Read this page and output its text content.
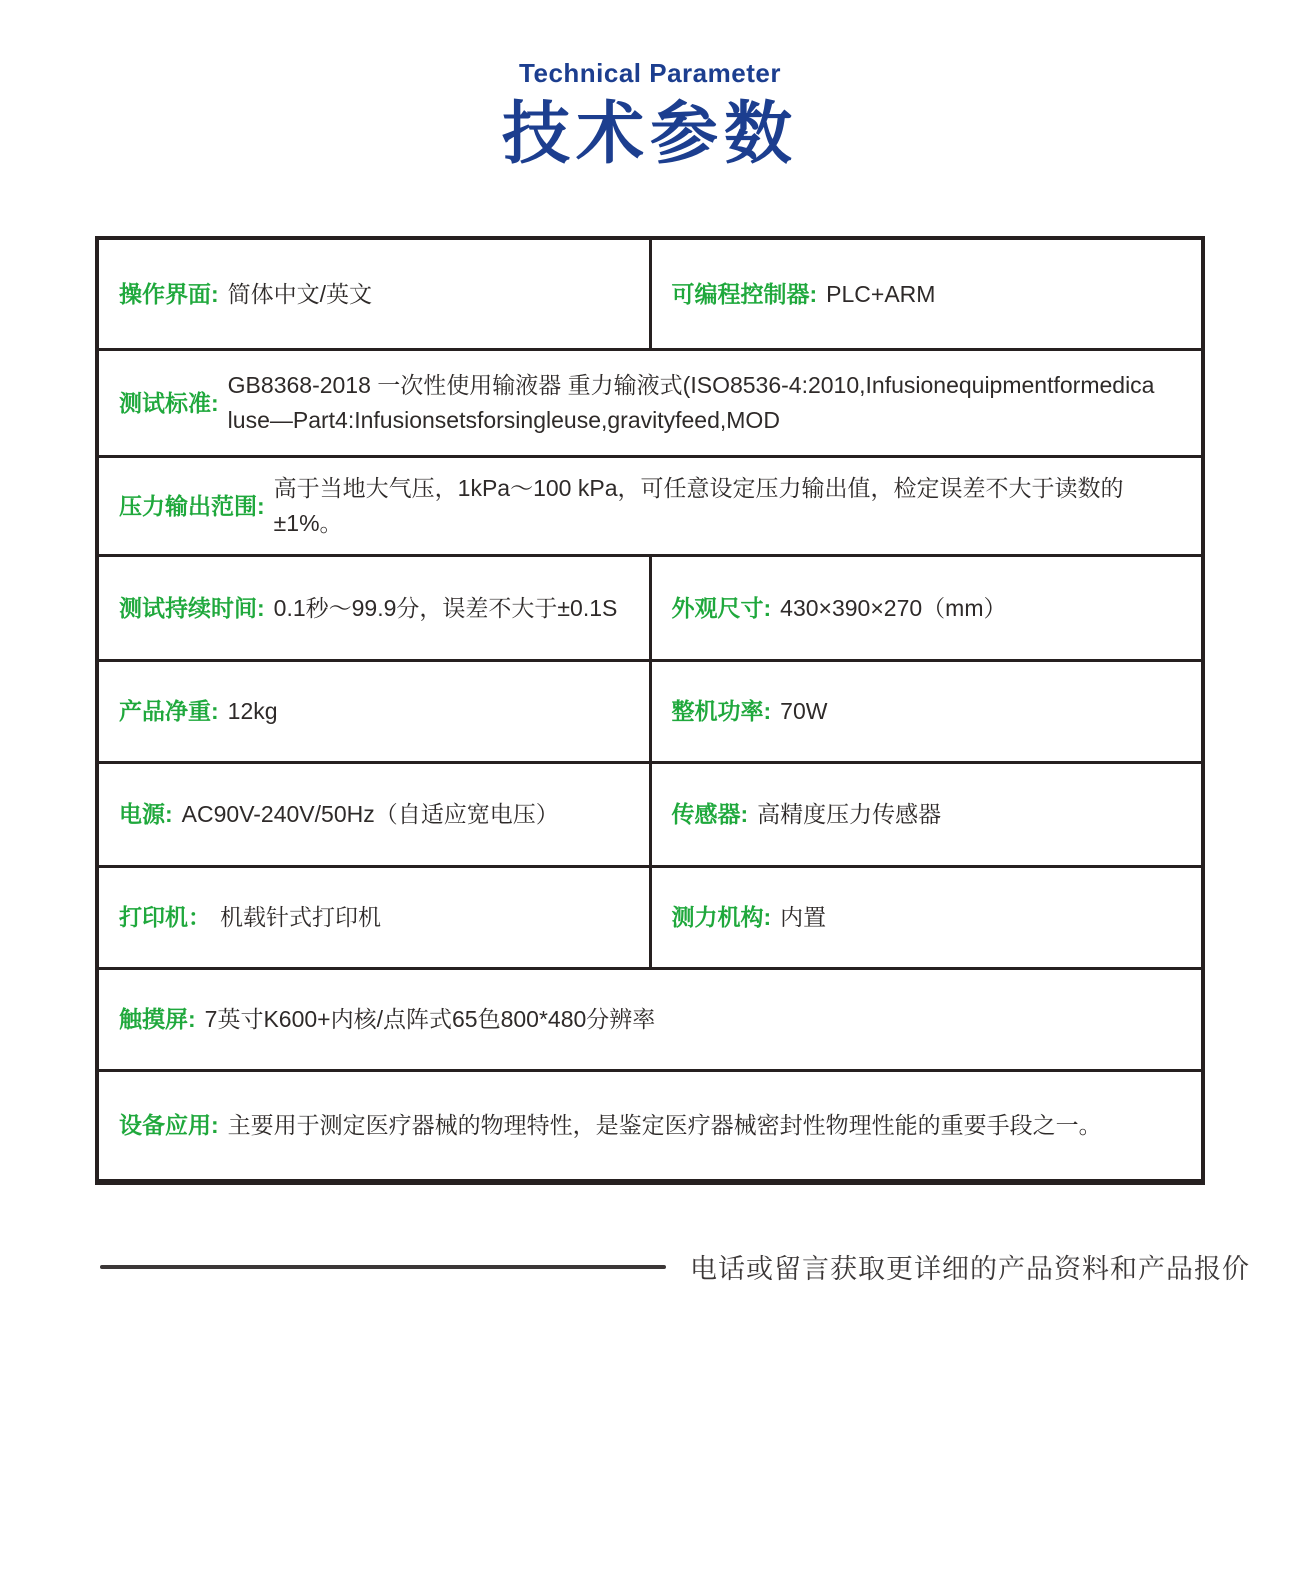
Technical Parameter
技术参数
操作界面: 简体中文/英文	可编程控制器: PLC+ARM
测试标准:
GB8368-2018 一次性使用输液器 重力输液式(ISO8536-4:2010,Infusionequipmentformedica
luse—Part4:Infusionsetsforsingleuse,gravityfeed,MOD
压力输出范围:
高于当地大气压，1kPa～100 kPa，可任意设定压力输出值，检定误差不大于读数的±1%。
测试持续时间: 0.1秒～99.9分，误差不大于±0.1S 外观尺寸: 430×390×270（mm）
产品净重: 12kg	整机功率: 70W
电源: AC90V-240V/50Hz（自适应宽电压）	传感器: 高精度压力传感器
打印机： 机载针式打印机	测力机构: 内置
触摸屏: 7英寸K600+内核/点阵式65色800*480分辨率
设备应用: 主要用于测定医疗器械的物理特性，是鉴定医疗器械密封性物理性能的重要手段之一。
电话或留言获取更详细的产品资料和产品报价
